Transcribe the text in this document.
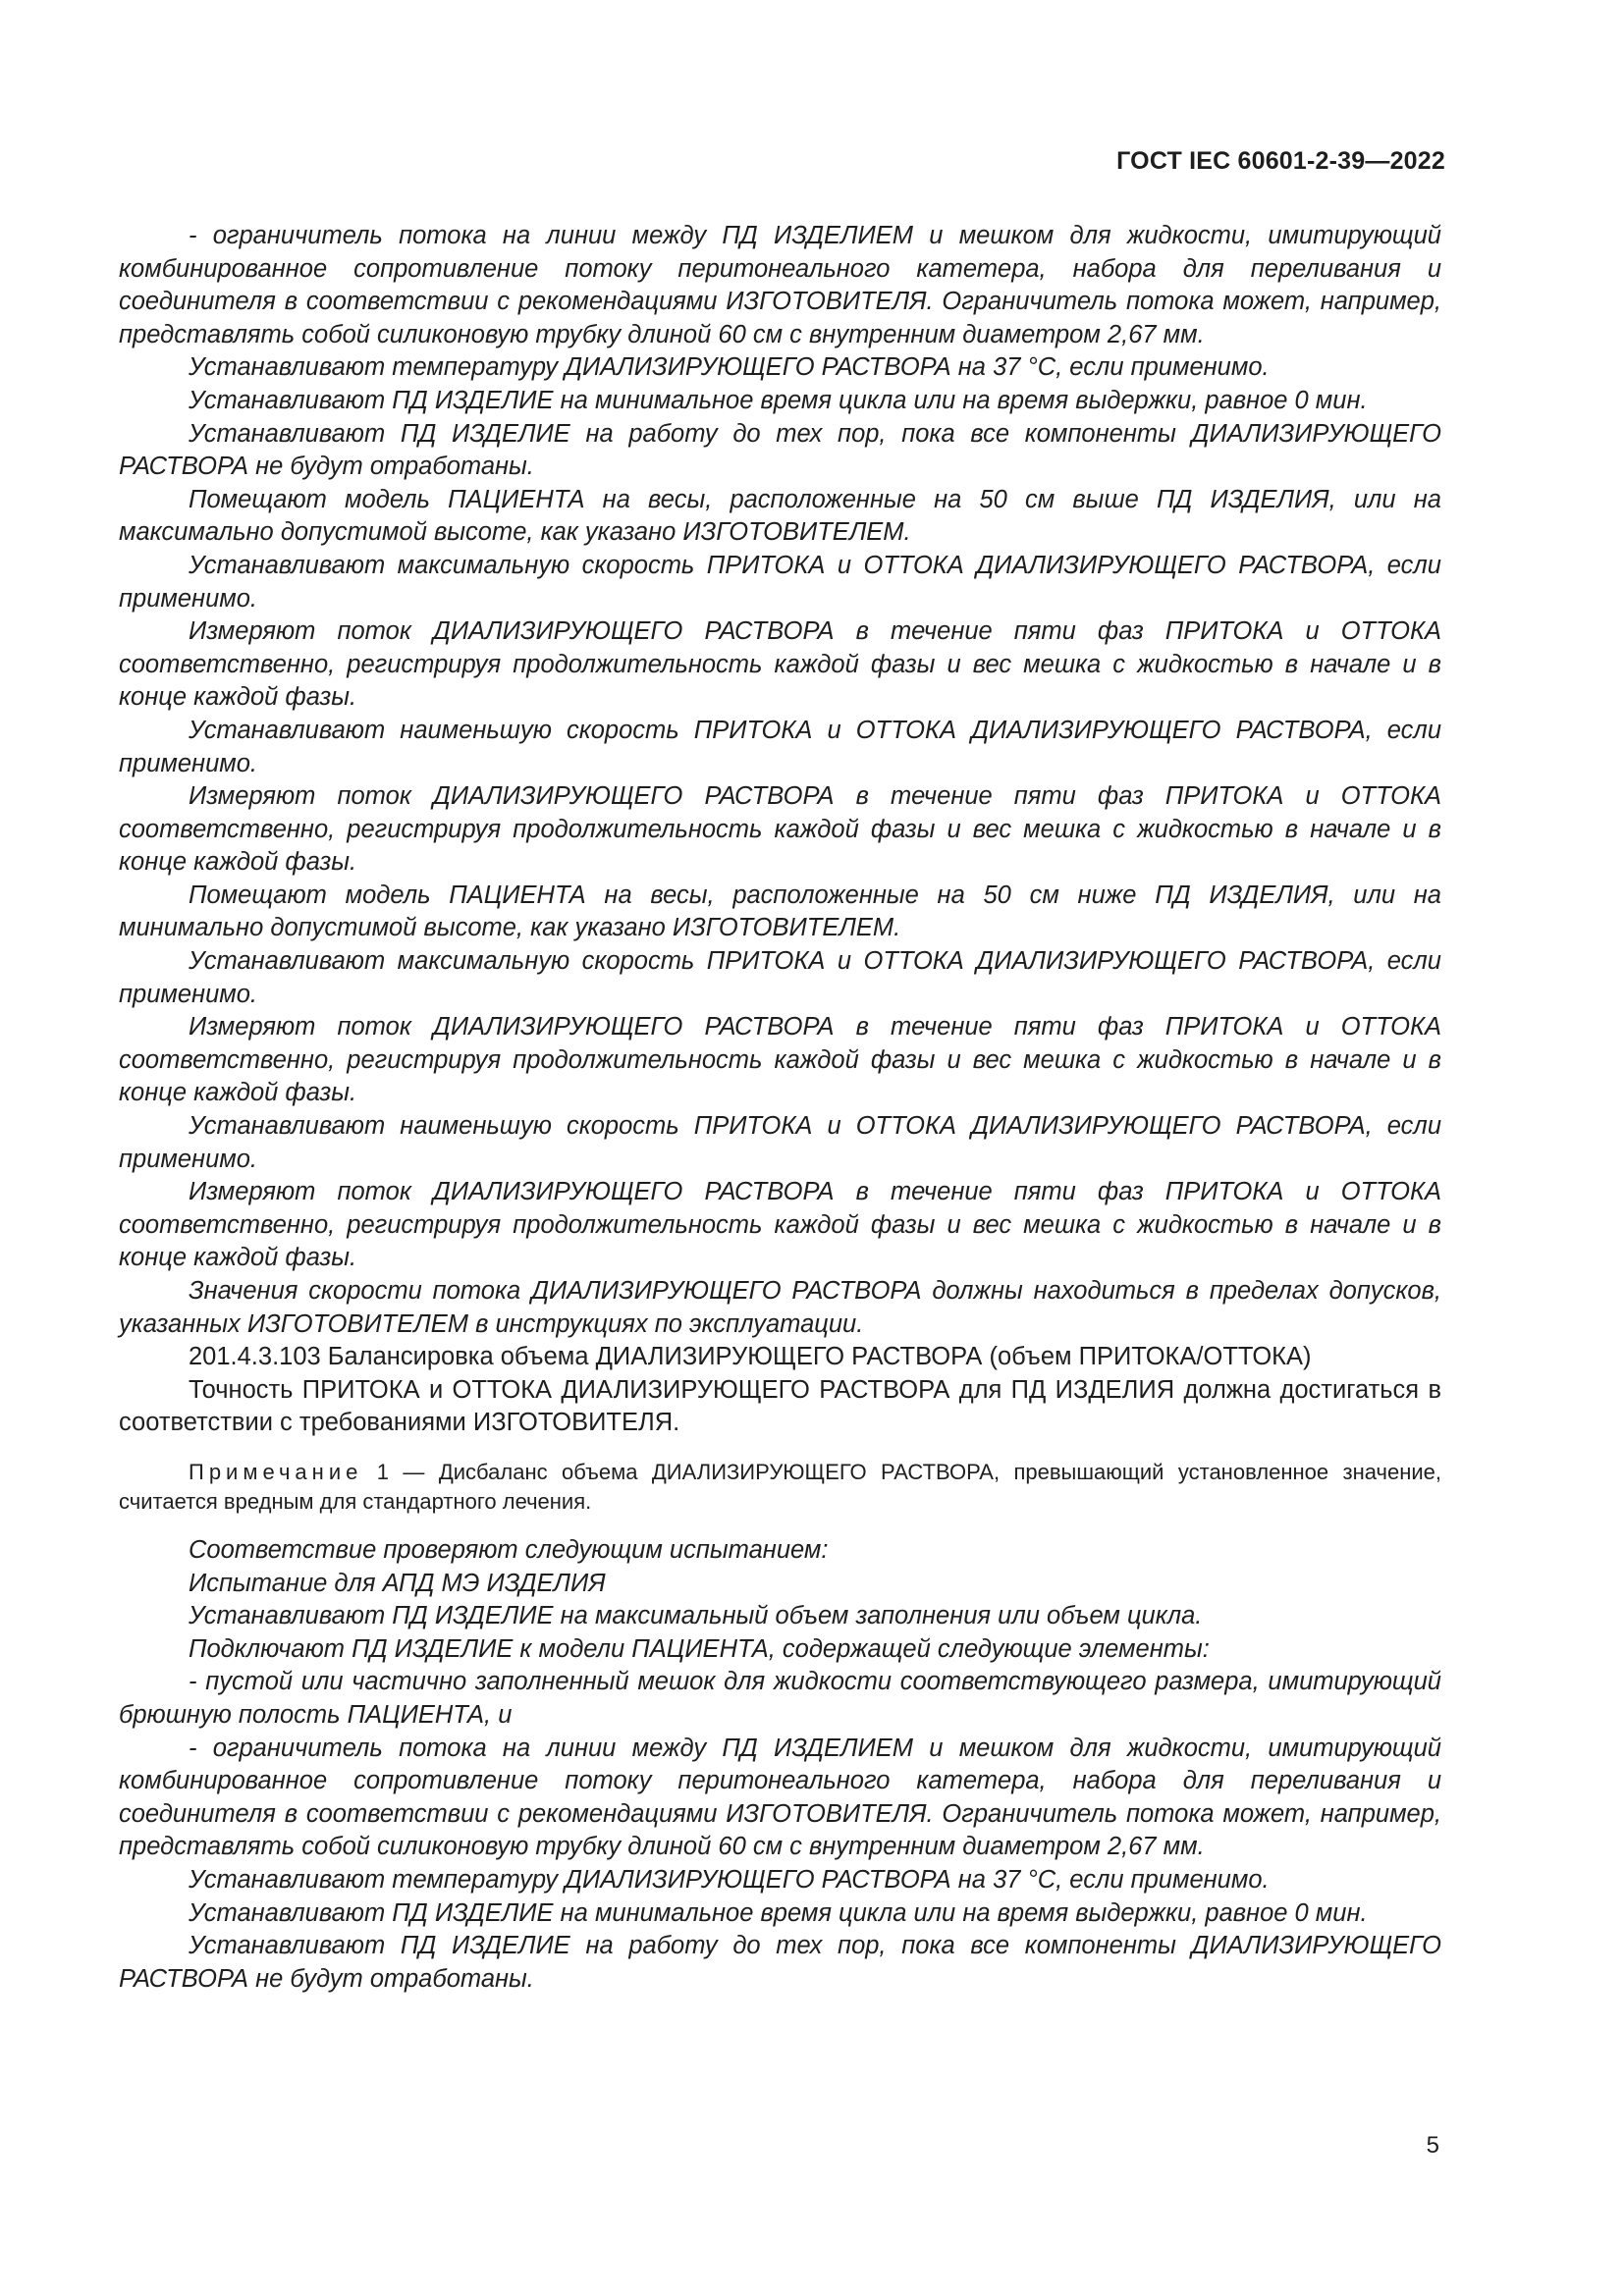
ГОСТ IEC 60601-2-39—2022

- ограничитель потока на линии между ПД ИЗДЕЛИЕМ и мешком для жидкости, имитирующий комбинированное сопротивление потоку перитонеального катетера, набора для переливания и соединителя в соответствии с рекомендациями ИЗГОТОВИТЕЛЯ. Ограничитель потока может, например, представлять собой силиконовую трубку длиной 60 см с внутренним диаметром 2,67 мм.

Устанавливают температуру ДИАЛИЗИРУЮЩЕГО РАСТВОРА на 37 °С, если применимо.

Устанавливают ПД ИЗДЕЛИЕ на минимальное время цикла или на время выдержки, равное 0 мин.

Устанавливают ПД ИЗДЕЛИЕ на работу до тех пор, пока все компоненты ДИАЛИЗИРУЮЩЕГО РАСТВОРА не будут отработаны.

Помещают модель ПАЦИЕНТА на весы, расположенные на 50 см выше ПД ИЗДЕЛИЯ, или на максимально допустимой высоте, как указано ИЗГОТОВИТЕЛЕМ.

Устанавливают максимальную скорость ПРИТОКА и ОТТОКА ДИАЛИЗИРУЮЩЕГО РАСТВОРА, если применимо.

Измеряют поток ДИАЛИЗИРУЮЩЕГО РАСТВОРА в течение пяти фаз ПРИТОКА и ОТТОКА соответственно, регистрируя продолжительность каждой фазы и вес мешка с жидкостью в начале и в конце каждой фазы.

Устанавливают наименьшую скорость ПРИТОКА и ОТТОКА ДИАЛИЗИРУЮЩЕГО РАСТВОРА, если применимо.

Измеряют поток ДИАЛИЗИРУЮЩЕГО РАСТВОРА в течение пяти фаз ПРИТОКА и ОТТОКА соответственно, регистрируя продолжительность каждой фазы и вес мешка с жидкостью в начале и в конце каждой фазы.

Помещают модель ПАЦИЕНТА на весы, расположенные на 50 см ниже ПД ИЗДЕЛИЯ, или на минимально допустимой высоте, как указано ИЗГОТОВИТЕЛЕМ.

Устанавливают максимальную скорость ПРИТОКА и ОТТОКА ДИАЛИЗИРУЮЩЕГО РАСТВОРА, если применимо.

Измеряют поток ДИАЛИЗИРУЮЩЕГО РАСТВОРА в течение пяти фаз ПРИТОКА и ОТТОКА соответственно, регистрируя продолжительность каждой фазы и вес мешка с жидкостью в начале и в конце каждой фазы.

Устанавливают наименьшую скорость ПРИТОКА и ОТТОКА ДИАЛИЗИРУЮЩЕГО РАСТВОРА, если применимо.

Измеряют поток ДИАЛИЗИРУЮЩЕГО РАСТВОРА в течение пяти фаз ПРИТОКА и ОТТОКА соответственно, регистрируя продолжительность каждой фазы и вес мешка с жидкостью в начале и в конце каждой фазы.

Значения скорости потока ДИАЛИЗИРУЮЩЕГО РАСТВОРА должны находиться в пределах допусков, указанных ИЗГОТОВИТЕЛЕМ в инструкциях по эксплуатации.

201.4.3.103 Балансировка объема ДИАЛИЗИРУЮЩЕГО РАСТВОРА (объем ПРИТОКА/ОТТОКА)

Точность ПРИТОКА и ОТТОКА ДИАЛИЗИРУЮЩЕГО РАСТВОРА для ПД ИЗДЕЛИЯ должна достигаться в соответствии с требованиями ИЗГОТОВИТЕЛЯ.

Примечание 1 — Дисбаланс объема ДИАЛИЗИРУЮЩЕГО РАСТВОРА, превышающий установленное значение, считается вредным для стандартного лечения.

Соответствие проверяют следующим испытанием:

Испытание для АПД МЭ ИЗДЕЛИЯ

Устанавливают ПД ИЗДЕЛИЕ на максимальный объем заполнения или объем цикла.

Подключают ПД ИЗДЕЛИЕ к модели ПАЦИЕНТА, содержащей следующие элементы:

- пустой или частично заполненный мешок для жидкости соответствующего размера, имитирующий брюшную полость ПАЦИЕНТА, и

- ограничитель потока на линии между ПД ИЗДЕЛИЕМ и мешком для жидкости, имитирующий комбинированное сопротивление потоку перитонеального катетера, набора для переливания и соединителя в соответствии с рекомендациями ИЗГОТОВИТЕЛЯ. Ограничитель потока может, например, представлять собой силиконовую трубку длиной 60 см с внутренним диаметром 2,67 мм.

Устанавливают температуру ДИАЛИЗИРУЮЩЕГО РАСТВОРА на 37 °С, если применимо.

Устанавливают ПД ИЗДЕЛИЕ на минимальное время цикла или на время выдержки, равное 0 мин.

Устанавливают ПД ИЗДЕЛИЕ на работу до тех пор, пока все компоненты ДИАЛИЗИРУЮЩЕГО РАСТВОРА не будут отработаны.

5
